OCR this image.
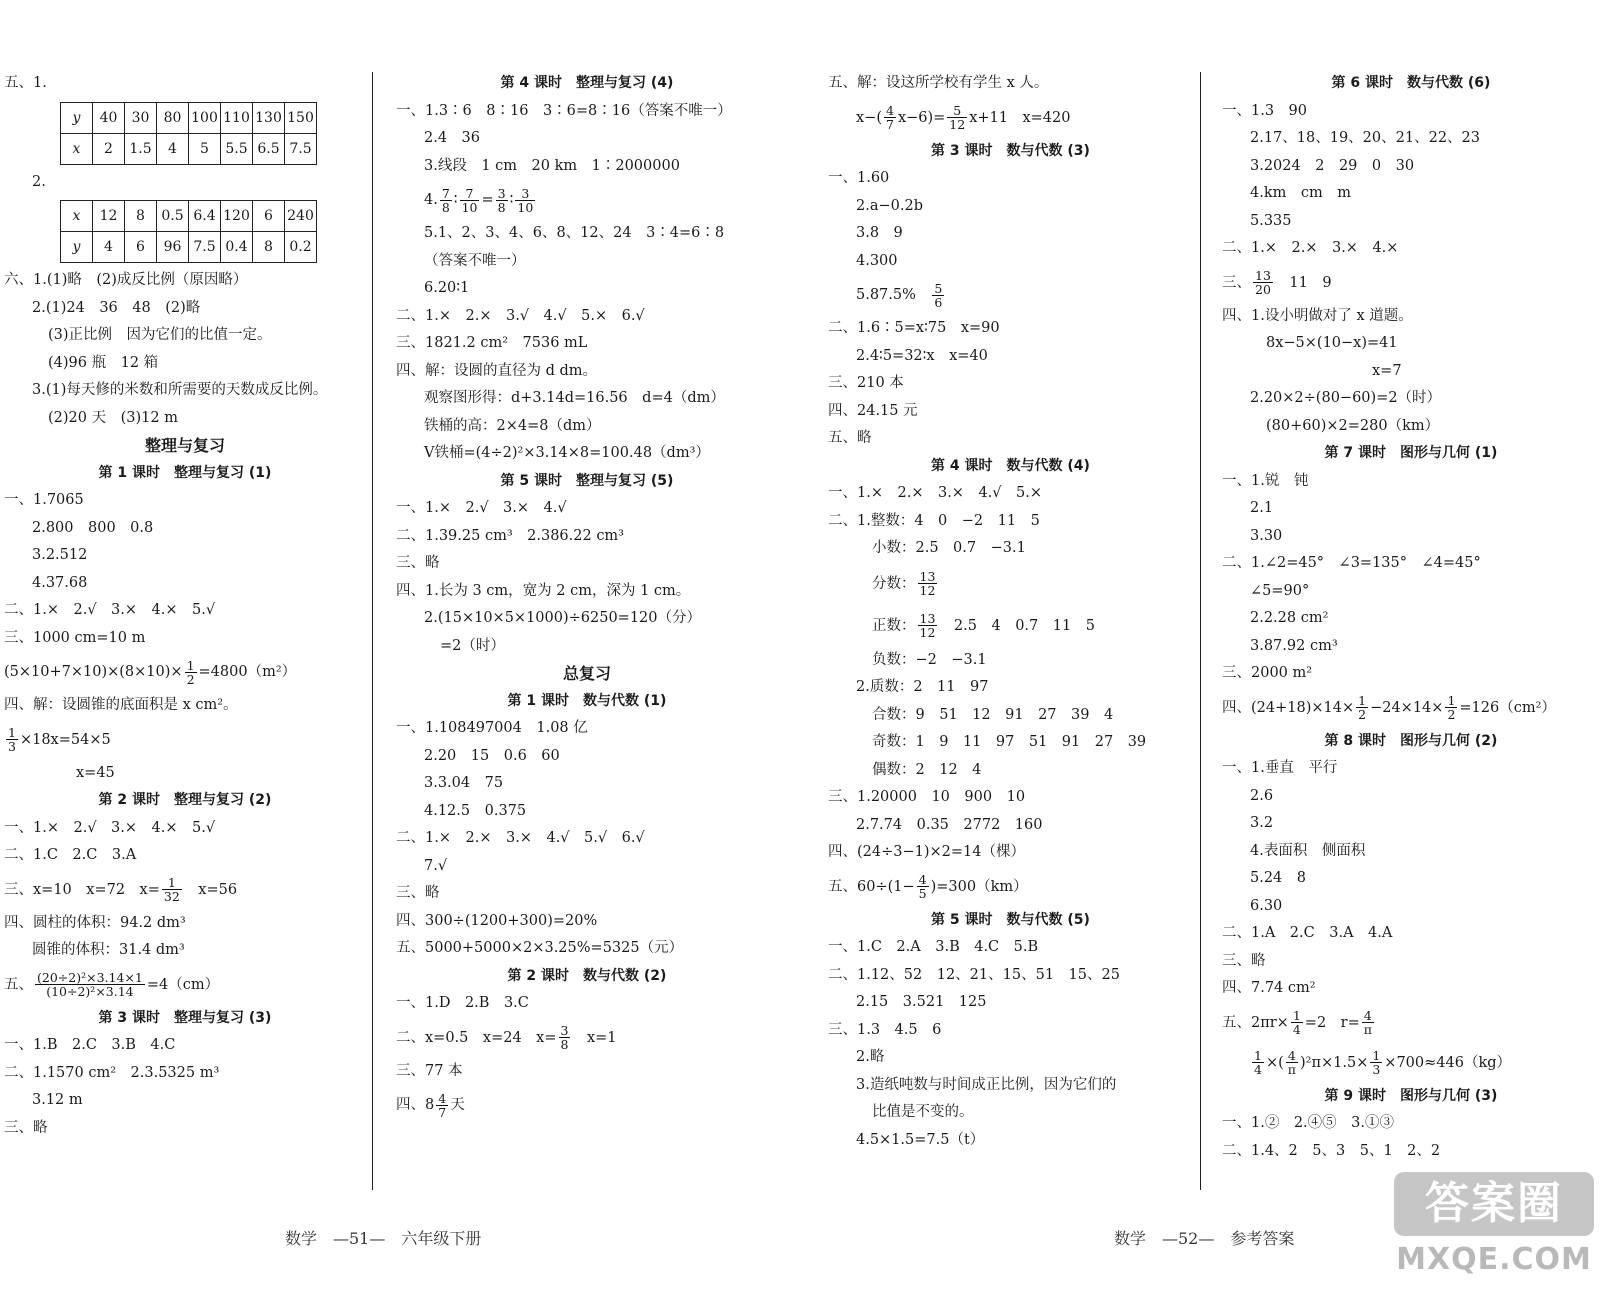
五、1.
y	40	30	80	100	110	130	150
x	2	1.5	4	5	5.5	6.5	7.5
2.
x	12	8	0.5	6.4	120	6	240
y	4	6	96	7.5	0.4	8	0.2
六、1.(1)略　(2)成反比例（原因略）
2.(1)24　36　48　(2)略
(3)正比例　因为它们的比值一定。
(4)96 瓶　12 箱
3.(1)每天修的米数和所需要的天数成反比例。
(2)20 天　(3)12 m
整理与复习
第 1 课时　整理与复习 (1)
一、1.7065
2.800　800　0.8
3.2.512
4.37.68
二、1.×　2.√　3.×　4.×　5.√
三、1000 cm=10 m
$(5\times 10+7\times 10)\times(8\times 10)\times \frac{1}{2} =4800(m^2)$
四、解：设圆锥的底面积是 x cm²。
$\frac{1}{3} \times 18x=54\times 5$
x=45
第 2 课时　整理与复习 (2)
一、1.×　2.√　3.×　4.×　5.√
二、1.C　2.C　3.A
三、x=10　x=72　$x= \frac{1}{32}$ 　x=56
四、圆柱的体积：94.2 dm³
圆锥的体积：31.4 dm³
五、 $\frac{\text{(20÷2)²×3.14×1}}{\text{(10÷2)²×3.14}} =4(cm)$
第 3 课时　整理与复习 (3)
一、1.B　2.C　3.B　4.C
二、1.1570 cm²　2.3.5325 m³
3.12 m
三、略
第 4 课时　整理与复习 (4)
一、1.3∶6　8∶16　3∶6=8∶16（答案不唯一）
2.4　36
3.线段　1 cm　20 km　1∶2000000
4. $\frac{7}{8}$ ∶ $\frac{7}{10} = \frac{3}{8}$ ∶ $\frac{3}{10}$
5.1、2、3、4、6、8、12、24　3∶4=6∶8
（答案不唯一）
6.20∶1
二、1.×　2.×　3.√　4.√　5.×　6.√
三、1821.2 cm²　7536 mL
四、解：设圆的直径为 d dm。
观察图形得：d+3.14d=16.56　d=4（dm）
铁桶的高：2×4=8（dm）
V铁桶=(4÷2)²×3.14×8=100.48（dm³）
第 5 课时　整理与复习 (5)
一、1.×　2.√　3.×　4.√
二、1.39.25 cm³　2.386.22 cm³
三、略
四、1.长为 3 cm，宽为 2 cm，深为 1 cm。
2.(15×10×5×1000)÷6250=120（分）
=2（时）
总复习
第 1 课时　数与代数 (1)
一、1.108497004　1.08 亿
2.20　15　0.6　60
3.3.04　75
4.12.5　0.375
二、1.×　2.×　3.×　4.√　5.√　6.√
7.√
三、略
四、300÷(1200+300)=20%
五、5000+5000×2×3.25%=5325（元）
第 2 课时　数与代数 (2)
一、1.D　2.B　3.C
二、x=0.5　x=24　$x= \frac{3}{8}$ 　x=1
三、77 本
四、$8 \frac{4}{7}$ 天
五、解：设这所学校有学生 x 人。
$x-( \frac{4}{7} x-6)= \frac{5}{12} x+11$　x=420
第 3 课时　数与代数 (3)
一、1.60
2.a−0.2b
3.8　9
4.300
5.87.5%　 $\frac{5}{6}$
二、1.6∶5=x∶75　x=90
2.4∶5=32∶x　x=40
三、210 本
四、24.15 元
五、略
第 4 课时　数与代数 (4)
一、1.×　2.×　3.×　4.√　5.×
二、1.整数：4　0　−2　11　5
小数：2.5　0.7　−3.1
分数： $\frac{13}{12}$
正数： $\frac{13}{12}$ 　2.5　4　0.7　11　5
负数：−2　−3.1
2.质数：2　11　97
合数：9　51　12　91　27　39　4
奇数：1　9　11　97　51　91　27　39
偶数：2　12　4
三、1.20000　10　900　10
2.7.74　0.35　2772　160
四、(24÷3−1)×2=14（棵）
五、$60\div(1- \frac{4}{5} )=300(km)$
第 5 课时　数与代数 (5)
一、1.C　2.A　3.B　4.C　5.B
二、1.12、52　12、21、15、51　15、25
2.15　3.521　125
三、1.3　4.5　6
2.略
3.造纸吨数与时间成正比例，因为它们的
比值是不变的。
4.5×1.5=7.5（t）
第 6 课时　数与代数 (6)
一、1.3　90
2.17、18、19、20、21、22、23
3.2024　2　29　0　30
4.km　cm　m
5.335
二、1.×　2.×　3.×　4.×
三、 $\frac{13}{20}$ 　11　9
四、1.设小明做对了 x 道题。
8x−5×(10−x)=41
x=7
2.20×2÷(80−60)=2（时）
(80+60)×2=280（km）
第 7 课时　图形与几何 (1)
一、1.锐　钝
2.1
3.30
二、1.∠2=45°　∠3=135°　∠4=45°
∠5=90°
2.2.28 cm²
3.87.92 cm³
三、2000 m²
四、$(24+18)\times 14\times \frac{1}{2} -24\times 14\times \frac{1}{2} =126(cm^2)$
第 8 课时　图形与几何 (2)
一、1.垂直　平行
2.6
3.2
4.表面积　侧面积
5.24　8
6.30
二、1.A　2.C　3.A　4.A
三、略
四、7.74 cm²
五、$2\pi r\times \frac{1}{4} =2$　$r= \frac{4}{\pi}$
$\frac{1}{4}$ ×( $\frac{4}{\pi} )^2\pi\times 1.5\times \frac{1}{3} \times 700\approx 446(kg)$
第 9 课时　图形与几何 (3)
一、1.②　2.④⑤　3.①③
二、1.4、2　5、3　5、1　2、2
数学　—51—　六年级下册	数学　—52—　参考答案
答案圈
MXQE.COM
